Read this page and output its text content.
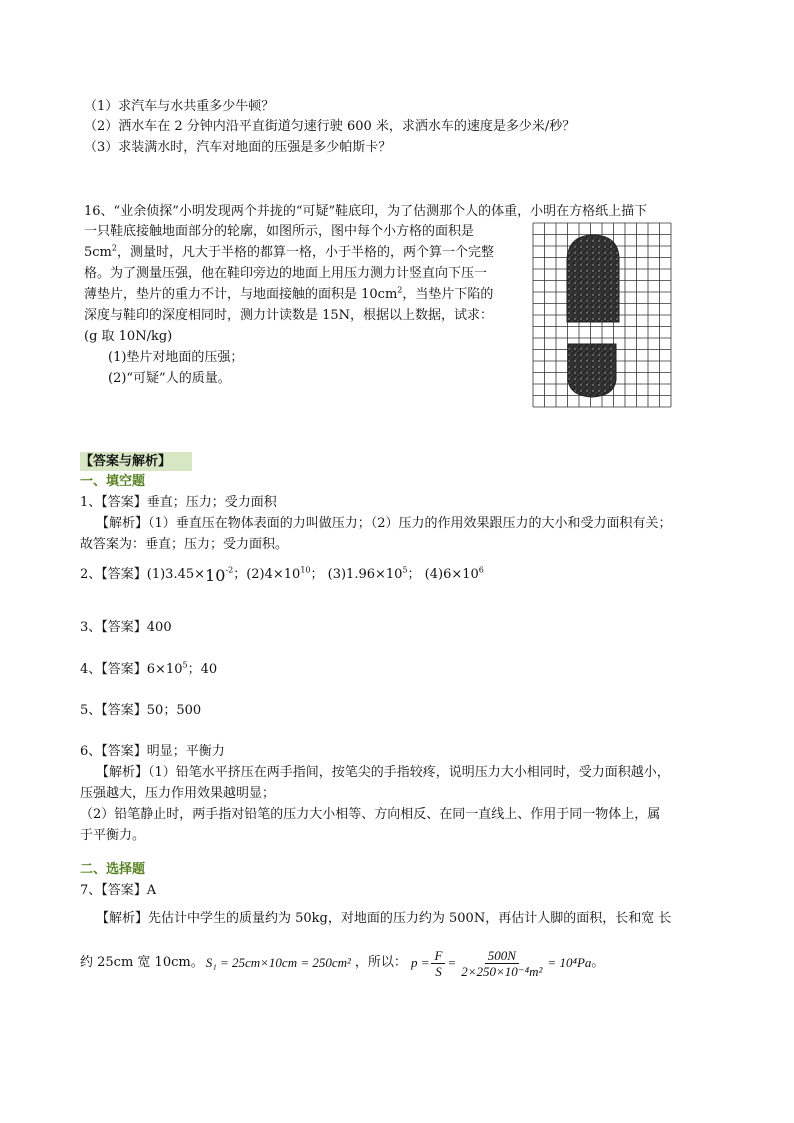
（1）求汽车与水共重多少牛顿？
（2）洒水车在 2 分钟内沿平直街道匀速行驶 600 米，求洒水车的速度是多少米/秒？
（3）求装满水时，汽车对地面的压强是多少帕斯卡？
16、“业余侦探”小明发现两个并拢的“可疑”鞋底印，为了估测那个人的体重，小明在方格纸上描下
一只鞋底接触地面部分的轮廓，如图所示，图中每个小方格的面积是
$5cm^2$，测量时，凡大于半格的都算一格，小于半格的，两个算一个完整
格。为了测量压强，他在鞋印旁边的地面上用压力测力计竖直向下压一
薄垫片，垫片的重力不计，与地面接触的面积是 $10cm^2$，当垫片下陷的
深度与鞋印的深度相同时，测力计读数是 15N，根据以上数据，试求：
(g 取 10N/kg)
(1)垫片对地面的压强；
(2)“可疑”人的质量。
【答案与解析】
一、填空题
1、【答案】垂直；压力；受力面积
【解析】（1）垂直压在物体表面的力叫做压力；（2）压力的作用效果跟压力的大小和受力面积有关；
故答案为：垂直；压力；受力面积。
2、【答案】$(1)3.45\times 10^{-2}$；$(2)4\times 10^{10}$； $(3)1.96\times 10^5$； $(4)6\times 10^6$
3、【答案】400
4、【答案】$6\times 10^5$；40
5、【答案】50；500
6、【答案】明显；平衡力
【解析】（1）铅笔水平挤压在两手指间，按笔尖的手指较疼，说明压力大小相同时，受力面积越小，
压强越大，压力作用效果越明显；
（2）铅笔静止时，两手指对铅笔的压力大小相等、方向相反、在同一直线上、作用于同一物体上，属
于平衡力。
二、选择题
7、【答案】A
【解析】先估计中学生的质量约为 50kg，对地面的压力约为 500N，再估计人脚的面积，长和宽 长
约 25cm 宽 10cm。 S₁ = 25cm×10cm = 250cm² ，所以： $p = \frac{F}{S} = \frac{500N}{\text{2×250×10⁻⁴m²}} = 10^4Pa$ 。
